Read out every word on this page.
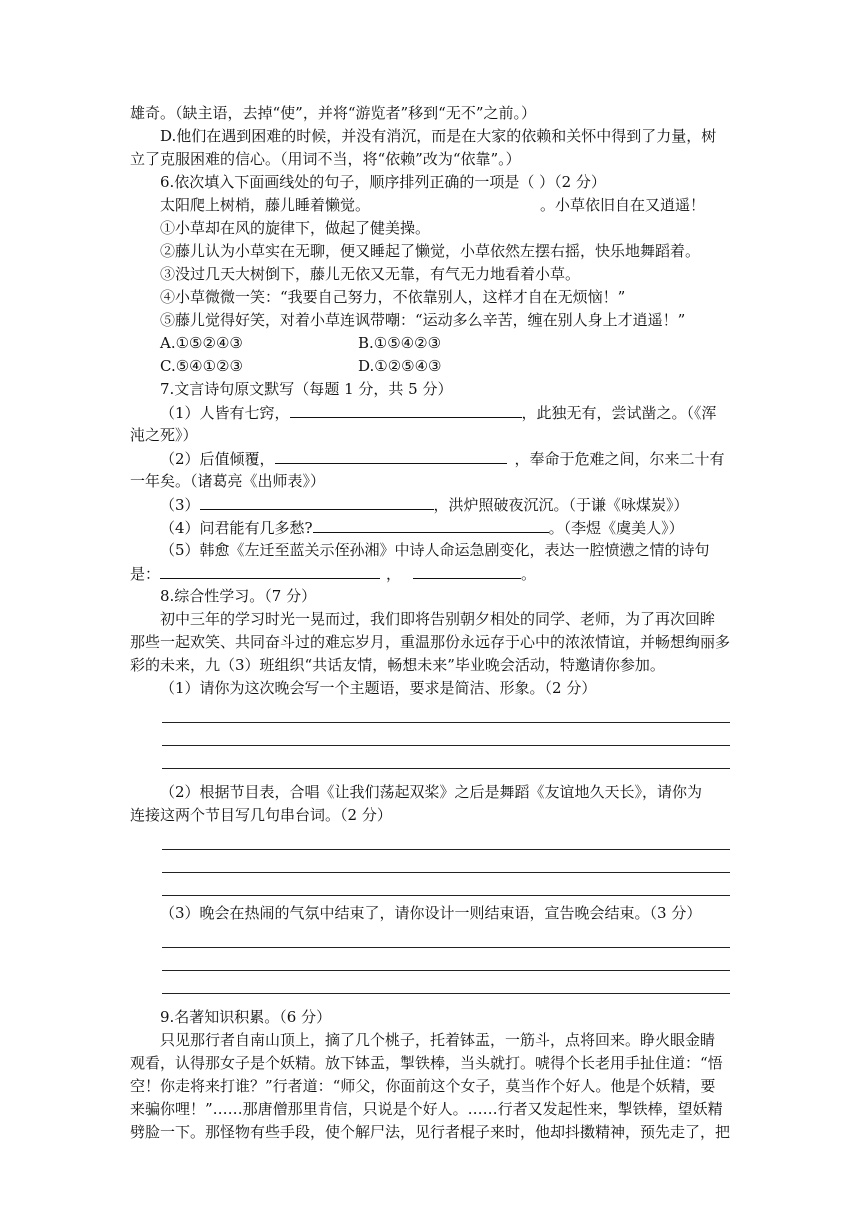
雄奇。（缺主语，去掉“使”，并将“游览者”移到“无不”之前。）
D.他们在遇到困难的时候，并没有消沉，而是在大家的依赖和关怀中得到了力量，树
立了克服困难的信心。（用词不当，将“依赖”改为“依靠”。）
6.依次填入下面画线处的句子，顺序排列正确的一项是（ ）（2 分）
太阳爬上树梢，藤儿睡着懒觉。	。小草依旧自在又逍遥！
①小草却在风的旋律下，做起了健美操。
②藤儿认为小草实在无聊，便又睡起了懒觉，小草依然左摆右摇，快乐地舞蹈着。
③没过几天大树倒下，藤儿无依又无靠，有气无力地看着小草。
④小草微微一笑：“我要自己努力，不依靠别人，这样才自在无烦恼！”
⑤藤儿觉得好笑，对着小草连讽带嘲：“运动多么辛苦，缠在别人身上才逍遥！”
A.①⑤②④③	B.①⑤④②③
C.⑤④①②③	D.①②⑤④③
7.文言诗句原文默写（每题 1 分，共 5 分）
（1）人皆有七窍，	，此独无有，尝试凿之。（《浑
沌之死》）
（2）后值倾覆，	，奉命于危难之间，尔来二十有
一年矣。（诸葛亮《出师表》）
（3）	，洪炉照破夜沉沉。（于谦《咏煤炭》）
（4）问君能有几多愁?	。（李煜《虞美人》）
（5）韩愈《左迁至蓝关示侄孙湘》中诗人命运急剧变化，表达一腔愤懑之情的诗句
是：	，	。
8.综合性学习。（7 分）
初中三年的学习时光一晃而过，我们即将告别朝夕相处的同学、老师，为了再次回眸
那些一起欢笑、共同奋斗过的难忘岁月，重温那份永远存于心中的浓浓情谊，并畅想绚丽多
彩的未来，九（3）班组织“共话友情，畅想未来”毕业晚会活动，特邀请你参加。
（1）请你为这次晚会写一个主题语，要求是简洁、形象。（2 分）
（2）根据节目表，合唱《让我们荡起双桨》之后是舞蹈《友谊地久天长》，请你为
连接这两个节目写几句串台词。（2 分）
（3）晚会在热闹的气氛中结束了，请你设计一则结束语，宣告晚会结束。（3 分）
9.名著知识积累。（6 分）
只见那行者自南山顶上，摘了几个桃子，托着钵盂，一筋斗，点将回来。睁火眼金睛
观看，认得那女子是个妖精。放下钵盂，掣铁棒，当头就打。唬得个长老用手扯住道：“悟
空！你走将来打谁？”行者道：“师父，你面前这个女子，莫当作个好人。他是个妖精，要
来骗你哩！”……那唐僧那里肯信，只说是个好人。……行者又发起性来，掣铁棒，望妖精
劈脸一下。那怪物有些手段，使个解尸法，见行者棍子来时，他却抖擞精神，预先走了，把
